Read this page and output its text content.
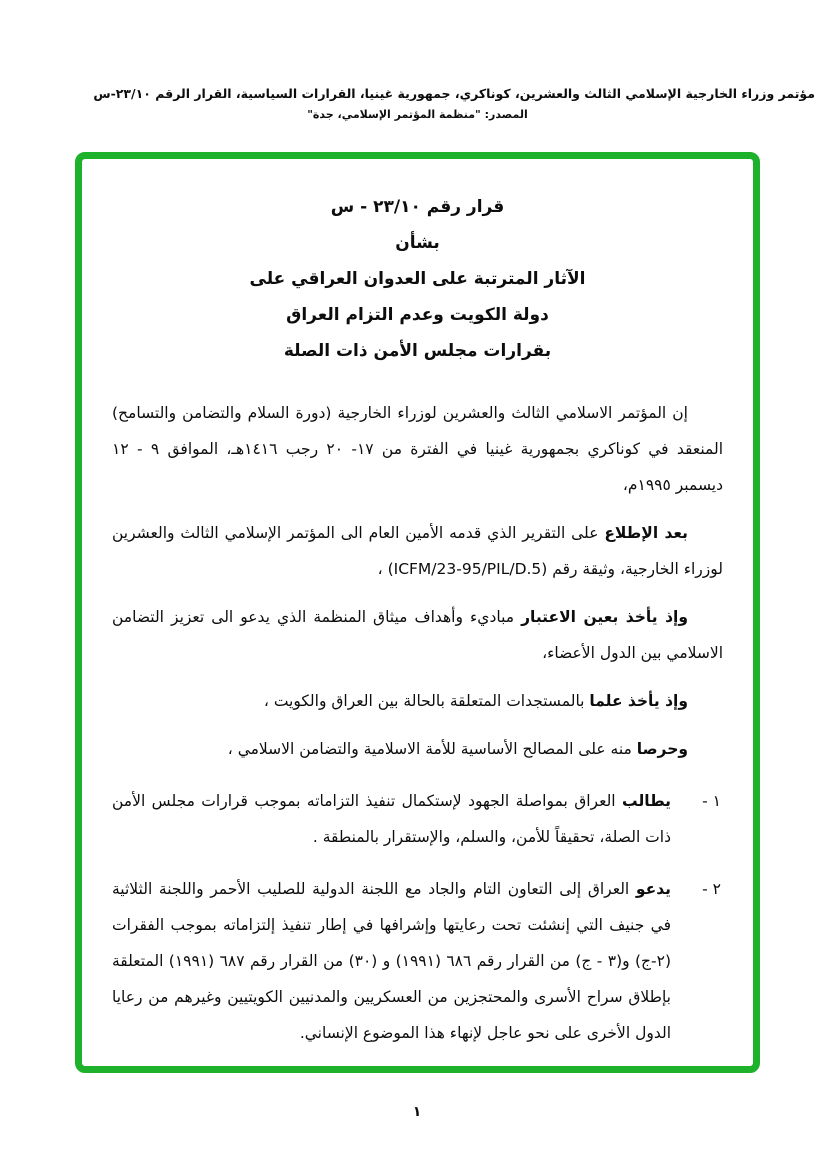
مؤتمر وزراء الخارجية الإسلامي الثالث والعشرين، كوناكري، جمهورية غينيا، القرارات السياسية، القرار الرقم ٢٣/١٠-س
المصدر: "منظمة المؤتمر الإسلامي، جدة"
قرار رقم ٢٣/١٠ - س
بشأن
الآثار المترتبة على العدوان العراقي على
دولة الكويت وعدم التزام العراق
بقرارات مجلس الأمن ذات الصلة

إن المؤتمر الاسلامي الثالث والعشرين لوزراء الخارجية (دورة السلام والتضامن والتسامح) المنعقد في كوناكري بجمهورية غينيا في الفترة من ١٧- ٢٠ رجب ١٤١٦هـ، الموافق ٩ - ١٢ ديسمبر ١٩٩٥م،

بعد الإطلاع على التقرير الذي قدمه الأمين العام الى المؤتمر الإسلامي الثالث والعشرين لوزراء الخارجية، وثيقة رقم (ICFM/23-95/PIL/D.5) ،

وإذ يأخذ بعين الاعتبار مباديء وأهداف ميثاق المنظمة الذي يدعو الى تعزيز التضامن الاسلامي بين الدول الأعضاء،

وإذ يأخذ علما بالمستجدات المتعلقة بالحالة بين العراق والكويت ،

وحرصا منه على المصالح الأساسية للأمة الاسلامية والتضامن الاسلامي ،

١ -
يطالب العراق بمواصلة الجهود لإستكمال تنفيذ التزاماته بموجب قرارات مجلس الأمن ذات الصلة، تحقيقاً للأمن، والسلم، والإستقرار بالمنطقة .
٢ -
يدعو العراق إلى التعاون التام والجاد مع اللجنة الدولية للصليب الأحمر واللجنة الثلاثية في جنيف التي إنشئت تحت رعايتها وإشرافها في إطار تنفيذ إلتزاماته بموجب الفقرات (٢-ج) و(٣ - ج) من القرار رقم ٦٨٦ (١٩٩١) و (٣٠) من القرار رقم ٦٨٧ (١٩٩١) المتعلقة بإطلاق سراح الأسرى والمحتجزين من العسكريين والمدنيين الكويتيين وغيرهم من رعايا الدول الأخرى على نحو عاجل لإنهاء هذا الموضوع الإنساني.
١
